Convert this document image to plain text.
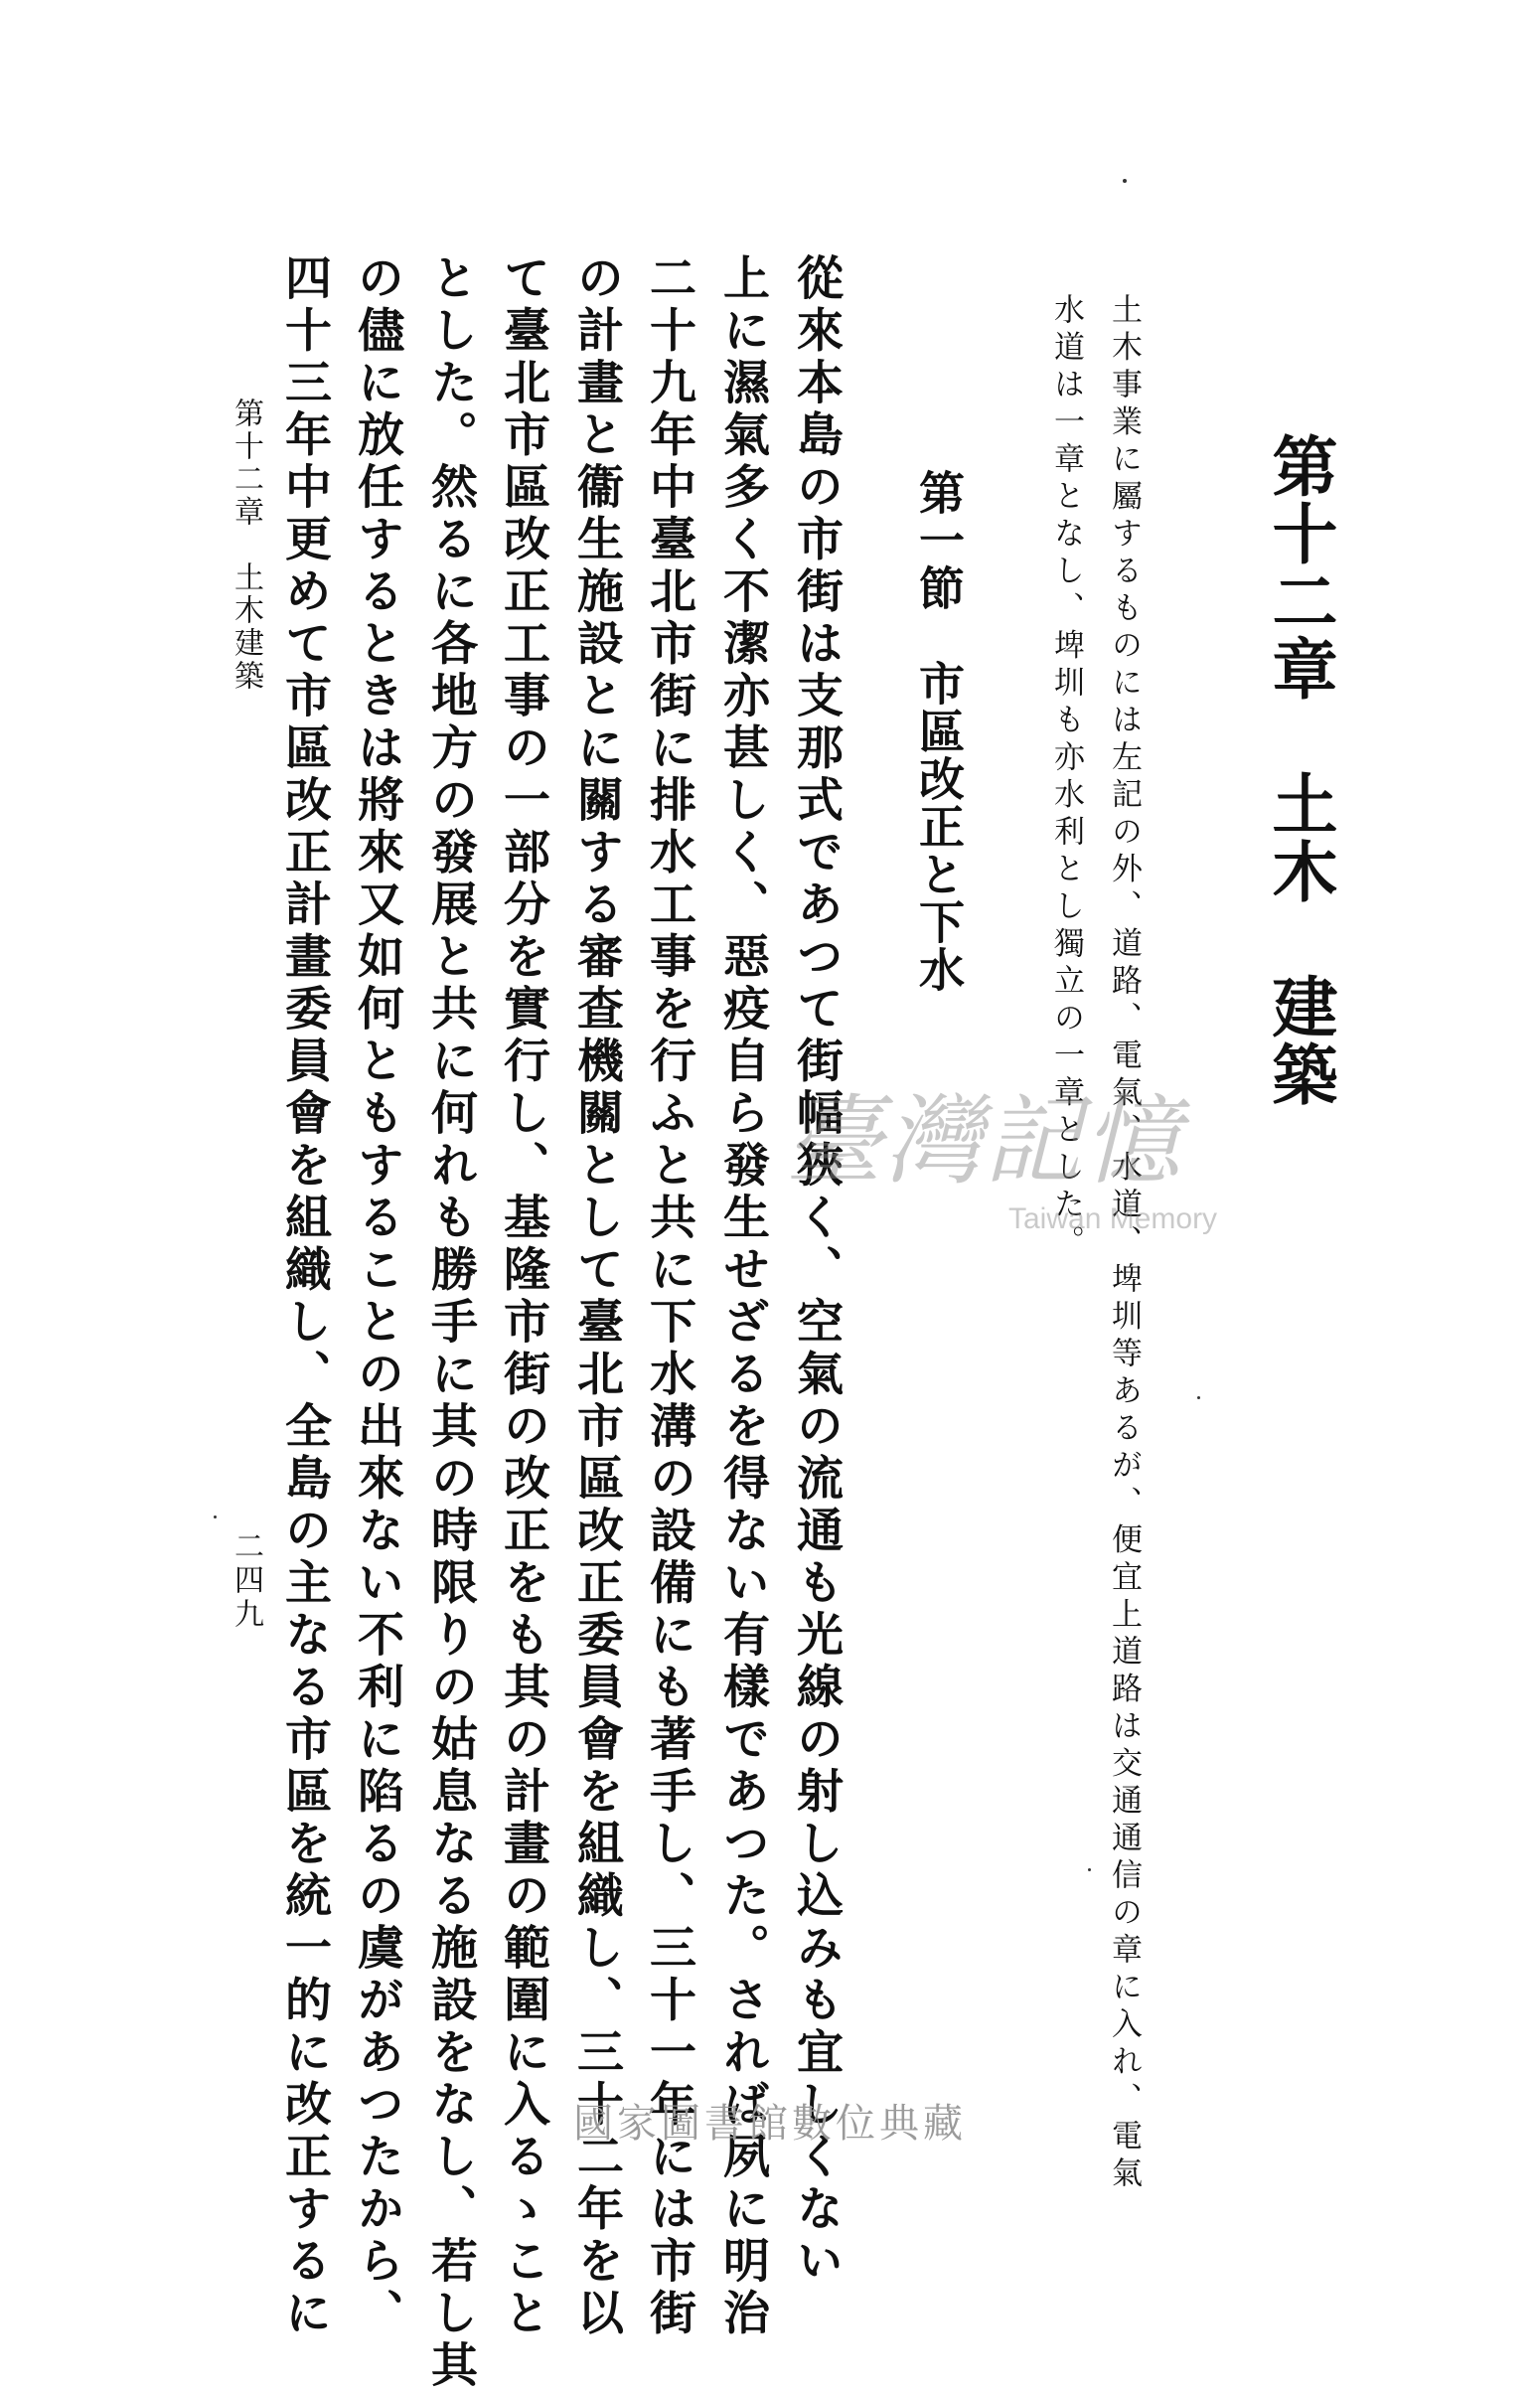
第十二章　土木　建築
土木事業に屬するものには左記の外、道路、電氣、水道、埤圳等あるが、便宜上道路は交通通信の章に入れ、電氣
水道は一章となし、埤圳も亦水利とし獨立の一章とした。
第一節　市區改正と下水
從來本島の市街は支那式であつて街幅狹く、空氣の流通も光線の射し込みも宜しくない
上に濕氣多く不潔亦甚しく、惡疫自ら發生せざるを得ない有樣であつた。されば夙に明治
二十九年中臺北市街に排水工事を行ふと共に下水溝の設備にも著手し、三十一年には市街
の計畫と衞生施設とに關する審查機關として臺北市區改正委員會を組織し、三十二年を以
て臺北市區改正工事の一部分を實行し、基隆市街の改正をも其の計畫の範圍に入るゝこと
とした。然るに各地方の發展と共に何れも勝手に其の時限りの姑息なる施設をなし、若し其
の儘に放任するときは將來又如何ともすることの出來ない不利に陷るの虞があつたから、
四十三年中更めて市區改正計畫委員會を組織し、全島の主なる市區を統一的に改正するに
第十二章　土木建築
二四九
臺灣記憶
Taiwan Memory
國家圖書館數位典藏
